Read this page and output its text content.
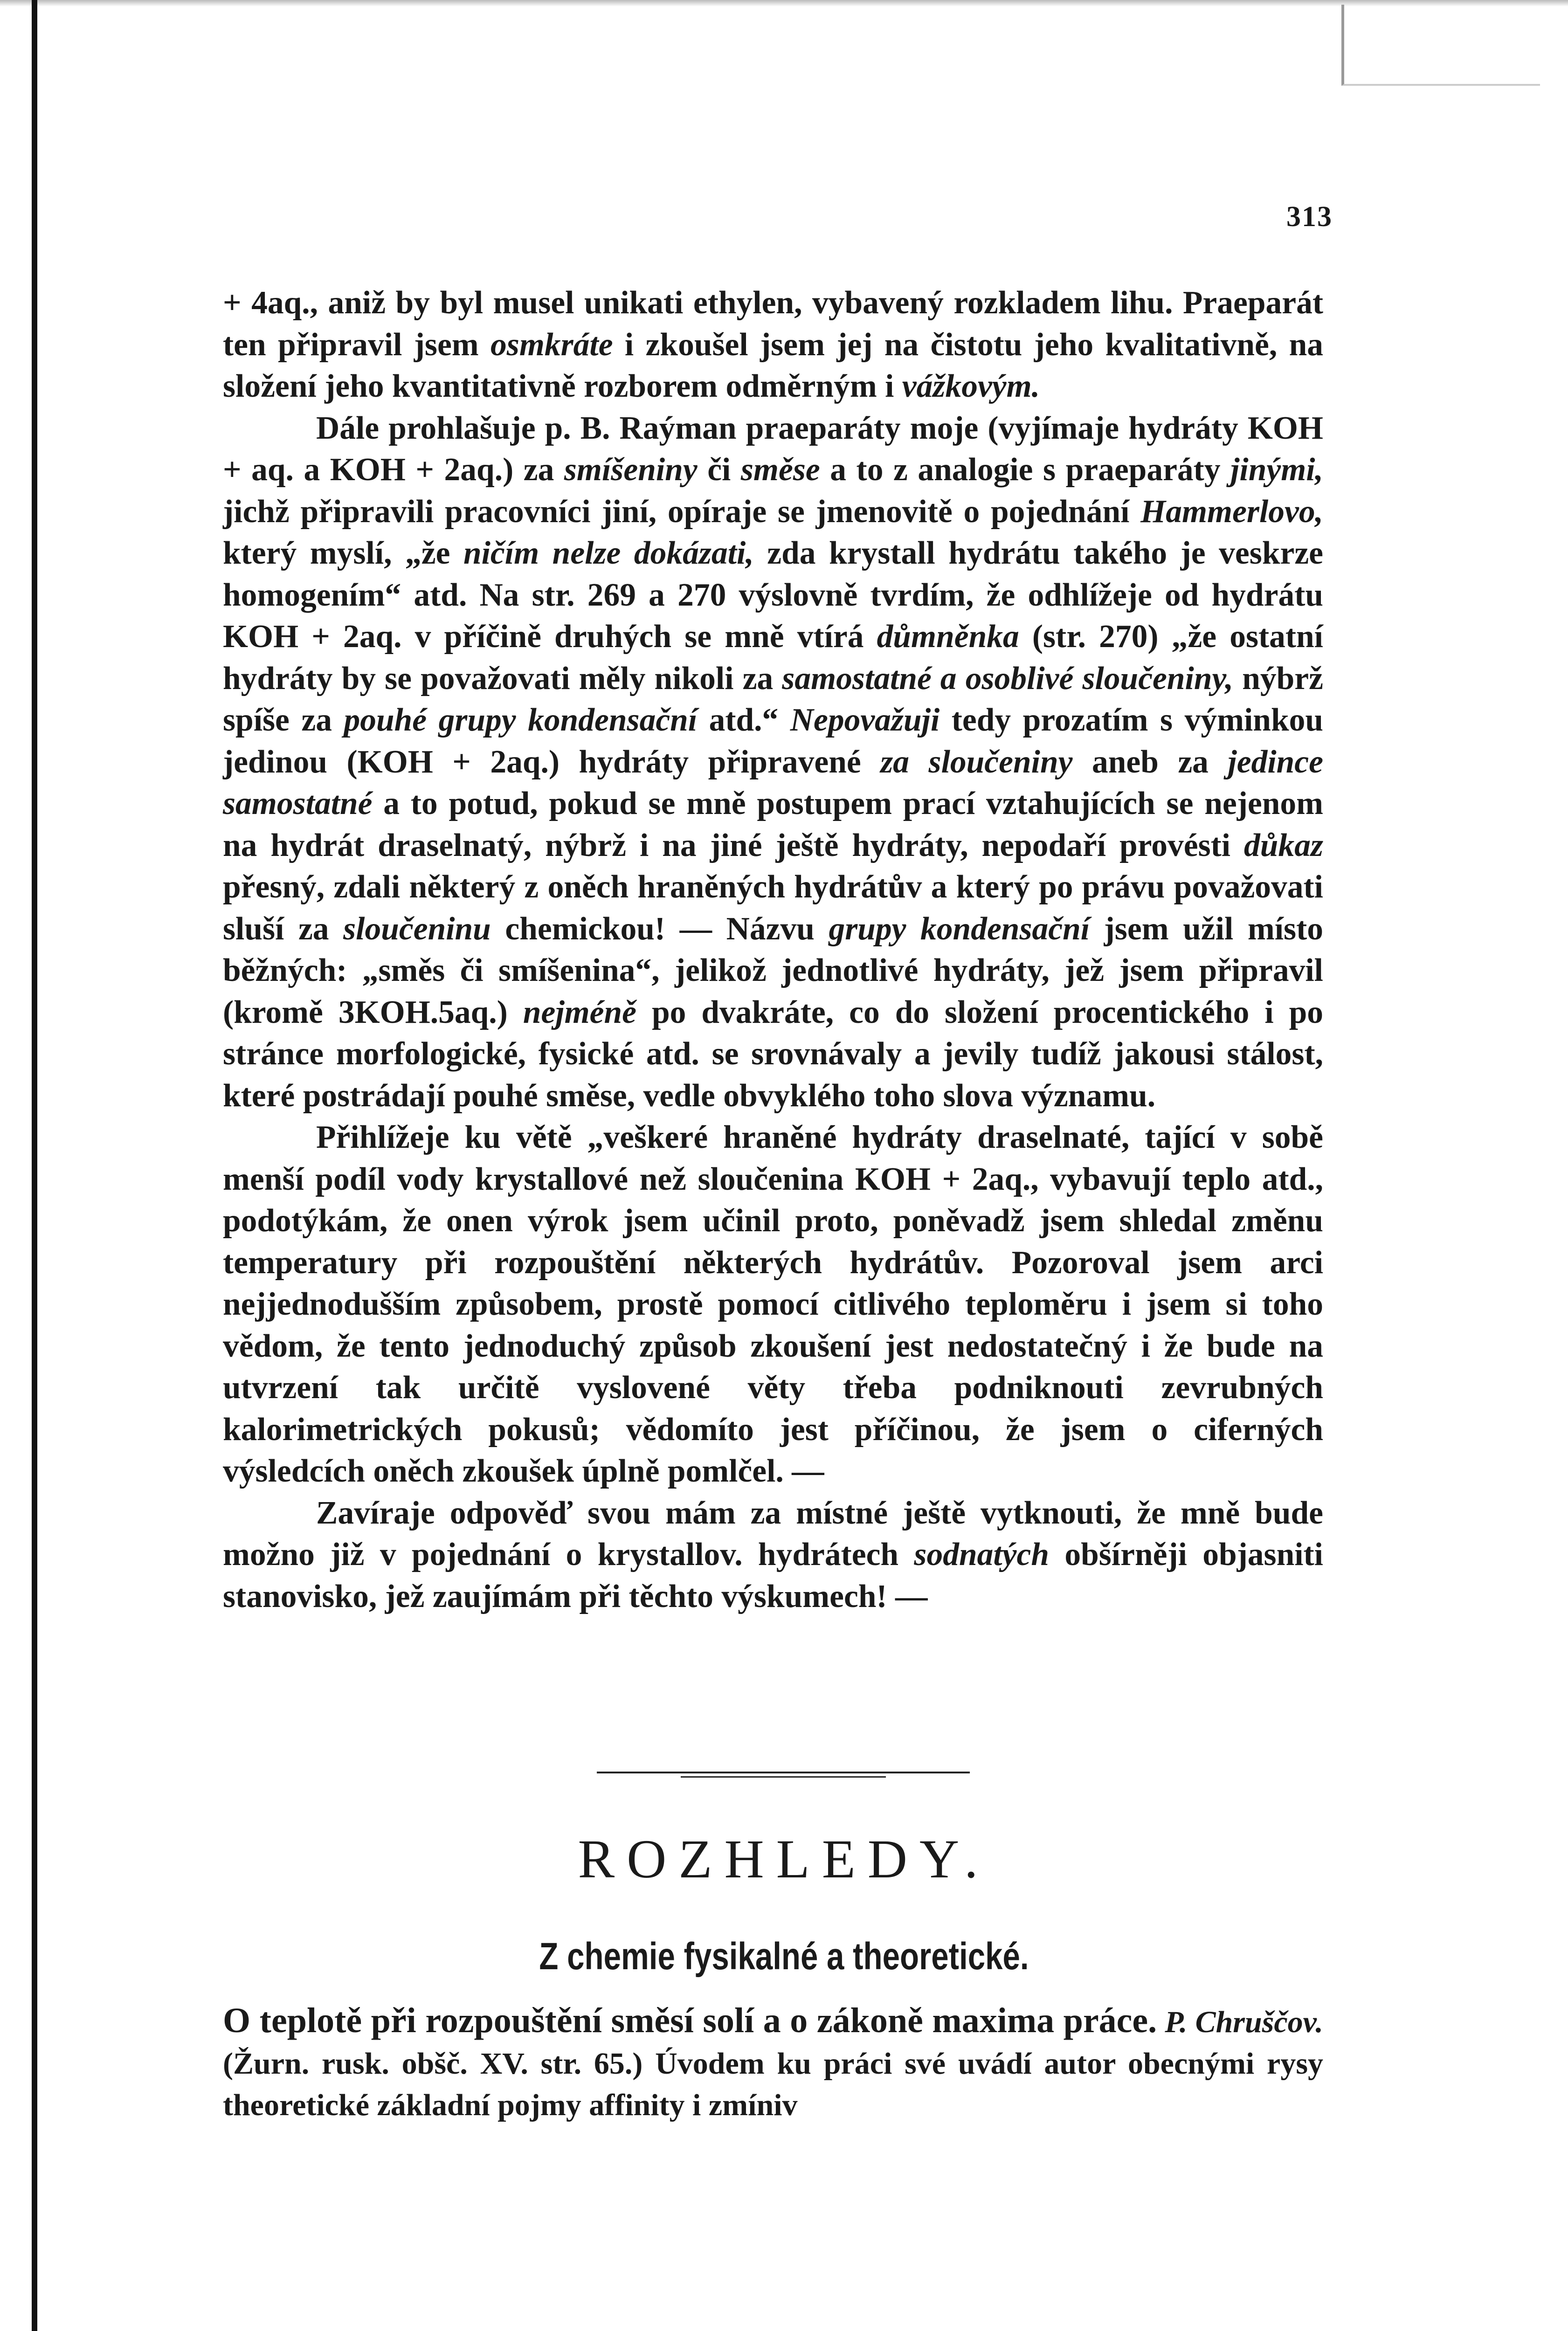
313

+ 4aq., aniž by byl musel unikati ethylen, vybavený rozkladem lihu. Praeparát ten připravil jsem osmkráte i zkoušel jsem jej na čistotu jeho kvalitativně, na složení jeho kvantitativně rozborem odměrným i vážkovým.

Dále prohlašuje p. B. Raýman praeparáty moje (vyjímaje hydráty KOH + aq. a KOH + 2aq.) za smíšeniny či směse a to z analogie s praeparáty jinými, jichž připravili pracovníci jiní, opíraje se jmenovitě o pojednání Hammerlovo, který myslí, „že ničím nelze dokázati, zda krystall hydrátu takého je veskrze homogením“ atd. Na str. 269 a 270 výslovně tvrdím, že odhlížeje od hydrátu KOH + 2aq. v příčině druhých se mně vtírá důmněnka (str. 270) „že ostatní hydráty by se považovati měly nikoli za samostatné a osoblivé sloučeniny, nýbrž spíše za pouhé grupy kondensační atd.“ Nepovažuji tedy prozatím s výminkou jedinou (KOH + 2aq.) hydráty připravené za sloučeniny aneb za jedince samostatné a to potud, pokud se mně postupem prací vztahujících se nejenom na hydrát draselnatý, nýbrž i na jiné ještě hydráty, nepodaří provésti důkaz přesný, zdali některý z oněch hraněných hydrátův a který po právu považovati sluší za sloučeninu chemickou! — Názvu grupy kondensační jsem užil místo běžných: „směs či smíšenina“, jelikož jednotlivé hydráty, jež jsem připravil (kromě 3KOH.5aq.) nejméně po dvakráte, co do složení procentického i po stránce morfologické, fysické atd. se srovnávaly a jevily tudíž jakousi stálost, které postrádají pouhé směse, vedle obvyklého toho slova významu.

Přihlížeje ku větě „veškeré hraněné hydráty draselnaté, tající v sobě menší podíl vody krystallové než sloučenina KOH + 2aq., vybavují teplo atd., podotýkám, že onen výrok jsem učinil proto, poněvadž jsem shledal změnu temperatury při rozpouštění některých hydrátův. Pozoroval jsem arci nejjednodušším způsobem, prostě pomocí citlivého teploměru i jsem si toho vědom, že tento jednoduchý způsob zkoušení jest nedostatečný i že bude na utvrzení tak určitě vyslovené věty třeba podniknouti zevrubných kalorimetrických pokusů; vědomíto jest příčinou, že jsem o ciferných výsledcích oněch zkoušek úplně pomlčel. —

Zavíraje odpověď svou mám za místné ještě vytknouti, že mně bude možno již v pojednání o krystallov. hydrátech sodnatých obšírněji objasniti stanovisko, jež zaujímám při těchto výskumech! —

ROZHLEDY.
Z chemie fysikalné a theoretické.
O teplotě při rozpouštění směsí solí a o zákoně maxima práce. P. Chruščov. (Žurn. rusk. obšč. XV. str. 65.) Úvodem ku práci své uvádí autor obecnými rysy theoretické základní pojmy affinity i zmíniv
